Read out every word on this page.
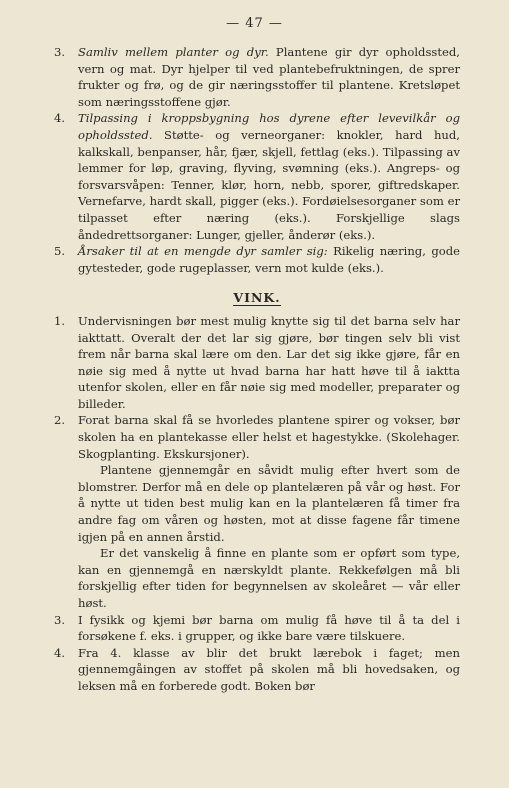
— 47 —
3. Samliv mellem planter og dyr. Plantene gir dyr opholdssted, vern og mat. Dyr hjelper til ved plantebefruktningen, de sprer frukter og frø, og de gir næringsstoffer til plantene. Kretsløpet som næringsstoffene gjør.

4. Tilpassing i kroppsbygning hos dyrene efter levevilkår og opholdssted. Støtte- og verneorganer: knokler, hard hud, kalkskall, benpanser, hår, fjær, skjell, fettlag (eks.). Tilpassing av lemmer for løp, graving, flyving, svømning (eks.). Angreps- og forsvarsvåpen: Tenner, klør, horn, nebb, sporer, giftredskaper. Vernefarve, hardt skall, pigger (eks.). Fordøielsesorganer som er tilpasset efter næring (eks.). Forskjellige slags åndedrettsorganer: Lunger, gjeller, ånderør (eks.).

5. Årsaker til at en mengde dyr samler sig: Rikelig næring, gode gytesteder, gode rugeplasser, vern mot kulde (eks.).

VINK.
1. Undervisningen bør mest mulig knytte sig til det barna selv har iakttatt. Overalt der det lar sig gjøre, bør tingen selv bli vist frem når barna skal lære om den. Lar det sig ikke gjøre, får en nøie sig med å nytte ut hvad barna har hatt høve til å iaktta utenfor skolen, eller en får nøie sig med modeller, preparater og billeder.

2. Forat barna skal få se hvorledes plantene spirer og vokser, bør skolen ha en plantekasse eller helst et hagestykke. (Skolehager. Skogplanting. Ekskursjoner).

Plantene gjennemgår en såvidt mulig efter hvert som de blomstrer. Derfor må en dele op plantelæren på vår og høst. For å nytte ut tiden best mulig kan en la plantelæren få timer fra andre fag om våren og høsten, mot at disse fagene får timene igjen på en annen årstid.

Er det vanskelig å finne en plante som er opført som type, kan en gjennemgå en nærskyldt plante. Rekkefølgen må bli forskjellig efter tiden for begynnelsen av skoleåret — vår eller høst.

3. I fysikk og kjemi bør barna om mulig få høve til å ta del i forsøkene f. eks. i grupper, og ikke bare være tilskuere.

4. Fra 4. klasse av blir det brukt lærebok i faget; men gjennemgåingen av stoffet på skolen må bli hovedsaken, og leksen må en forberede godt. Boken bør
